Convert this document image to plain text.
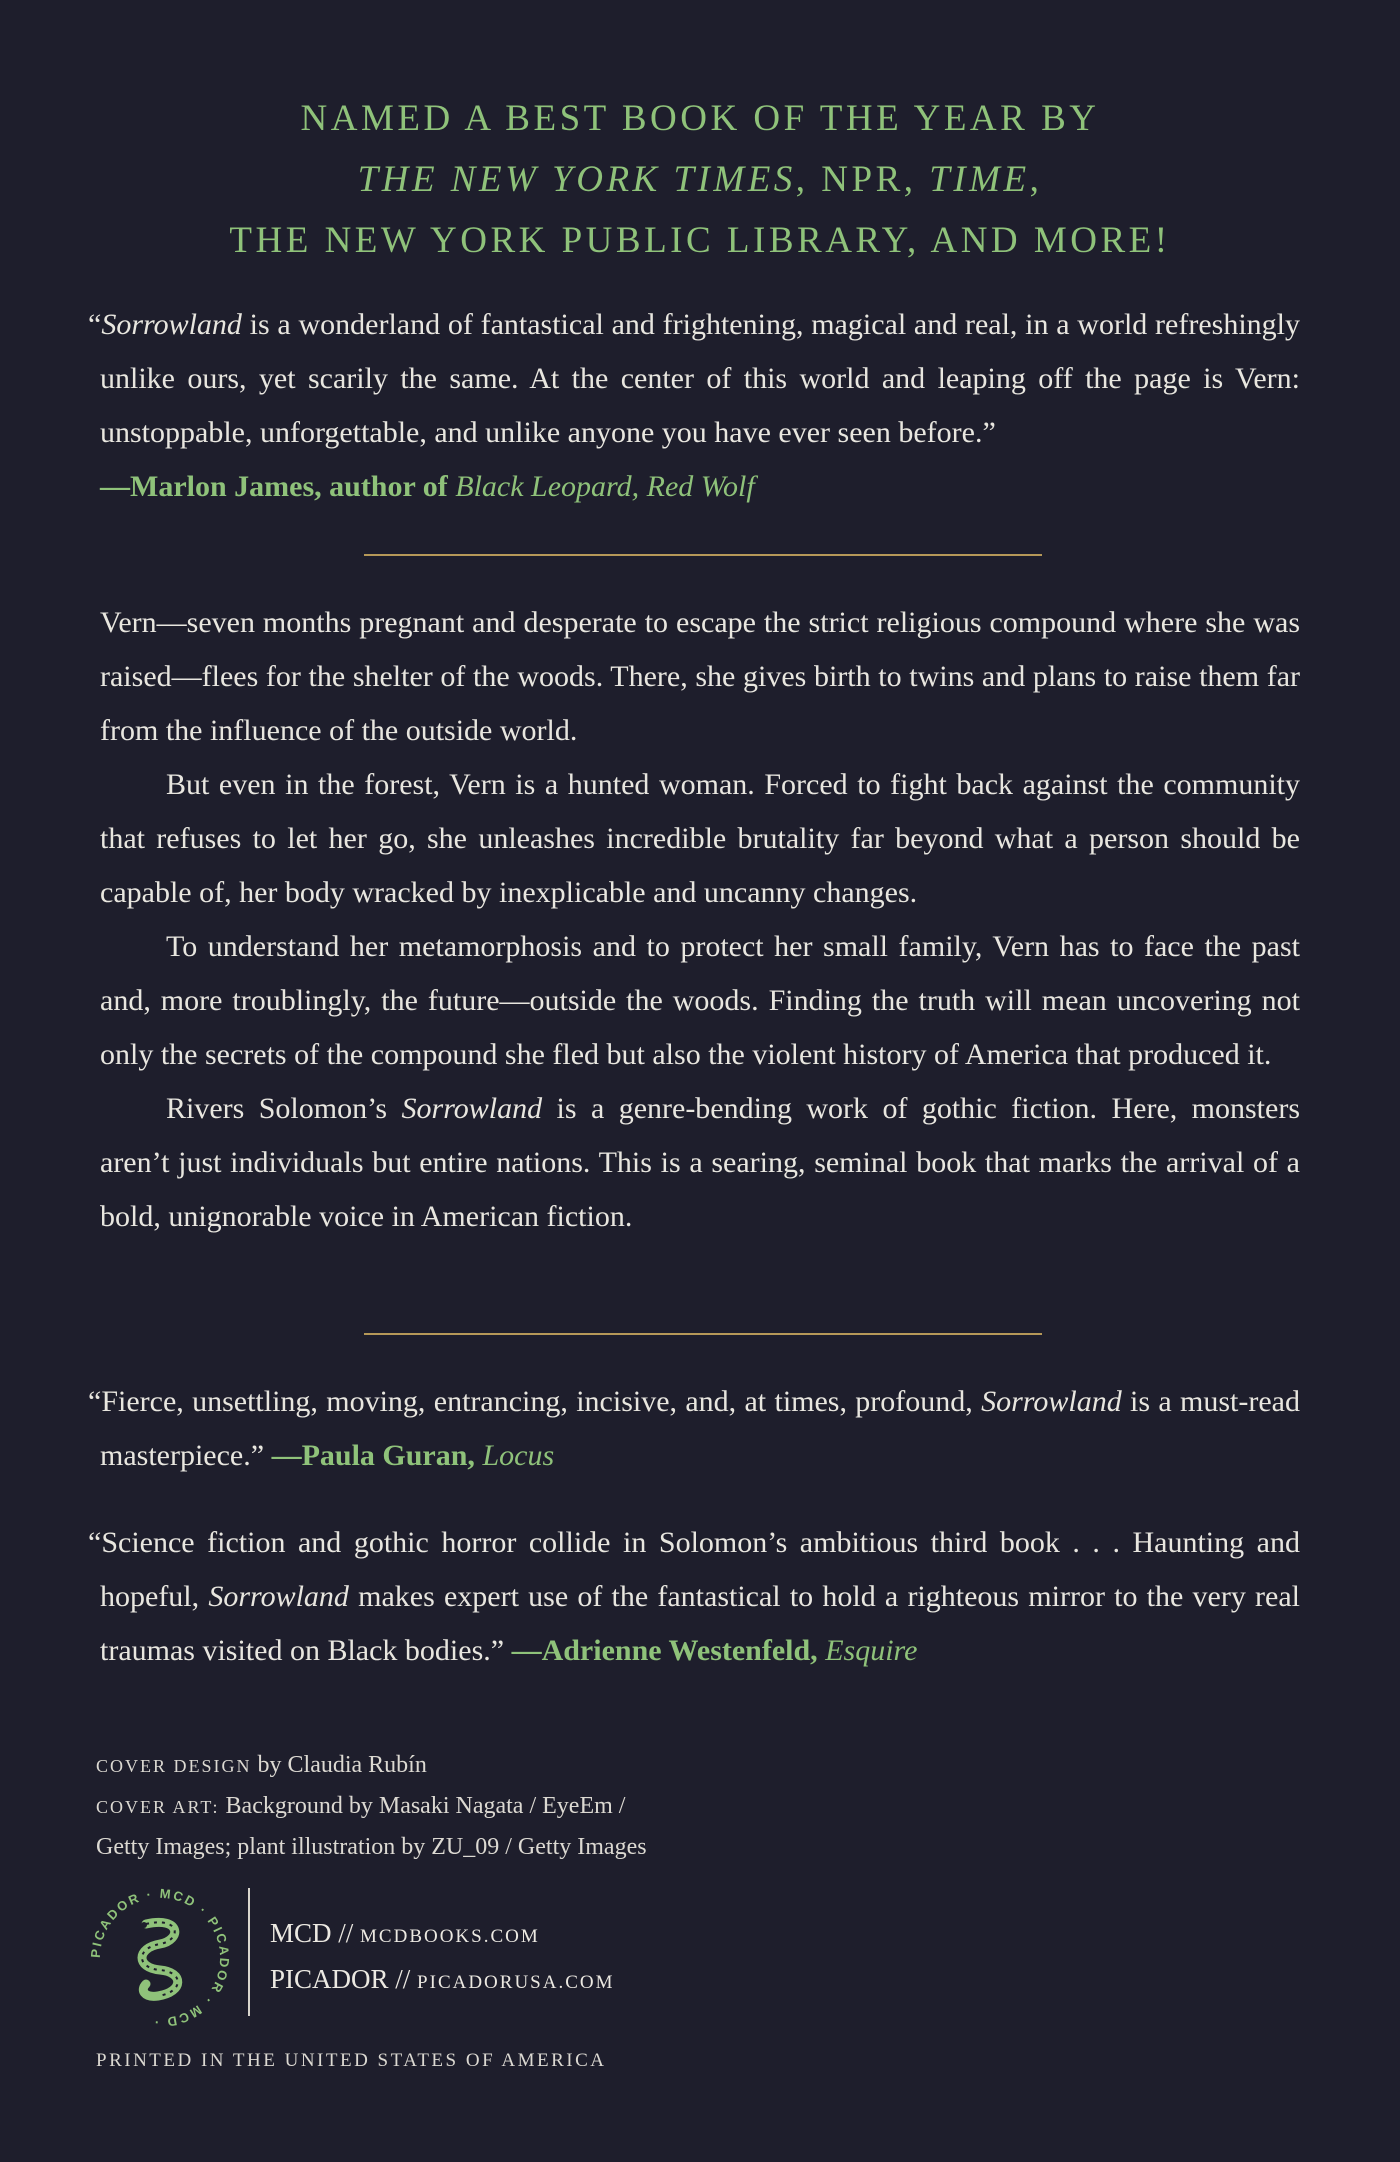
NAMED A BEST BOOK OF THE YEAR BY
THE NEW YORK TIMES, NPR, TIME,
THE NEW YORK PUBLIC LIBRARY, AND MORE!
“Sorrowland is a wonderland of fantastical and frightening, magical and real, in a world refreshingly unlike ours, yet scarily the same. At the center of this world and leaping off the page is Vern: unstoppable, unforgettable, and unlike anyone you have ever seen before.”
—Marlon James, author of Black Leopard, Red Wolf

Vern—seven months pregnant and desperate to escape the strict religious compound where she was raised—flees for the shelter of the woods. There, she gives birth to twins and plans to raise them far from the influence of the outside world.

But even in the forest, Vern is a hunted woman. Forced to fight back against the community that refuses to let her go, she unleashes incredible brutality far beyond what a person should be capable of, her body wracked by inexplicable and uncanny changes.

To understand her metamorphosis and to protect her small family, Vern has to face the past and, more troublingly, the future—outside the woods. Finding the truth will mean uncovering not only the secrets of the compound she fled but also the violent history of America that produced it.

Rivers Solomon’s Sorrowland is a genre-bending work of gothic fiction. Here, monsters aren’t just individuals but entire nations. This is a searing, seminal book that marks the arrival of a bold, unignorable voice in American fiction.

“Fierce, unsettling, moving, entrancing, incisive, and, at times, profound, Sorrowland is a must-read masterpiece.” —Paula Guran, Locus
“Science fiction and gothic horror collide in Solomon’s ambitious third book . . . Haunting and hopeful, Sorrowland makes expert use of the fantastical to hold a righteous mirror to the very real traumas visited on Black bodies.” —Adrienne Westenfeld, Esquire
COVER DESIGN by Claudia Rubín
COVER ART: Background by Masaki Nagata / EyeEm /
Getty Images; plant illustration by ZU_09 / Getty Images
PICADOR · MCD · PICADOR · MCD ·
MCD // MCDBOOKS.COM
PICADOR // PICADORUSA.COM
PRINTED IN THE UNITED STATES OF AMERICA
